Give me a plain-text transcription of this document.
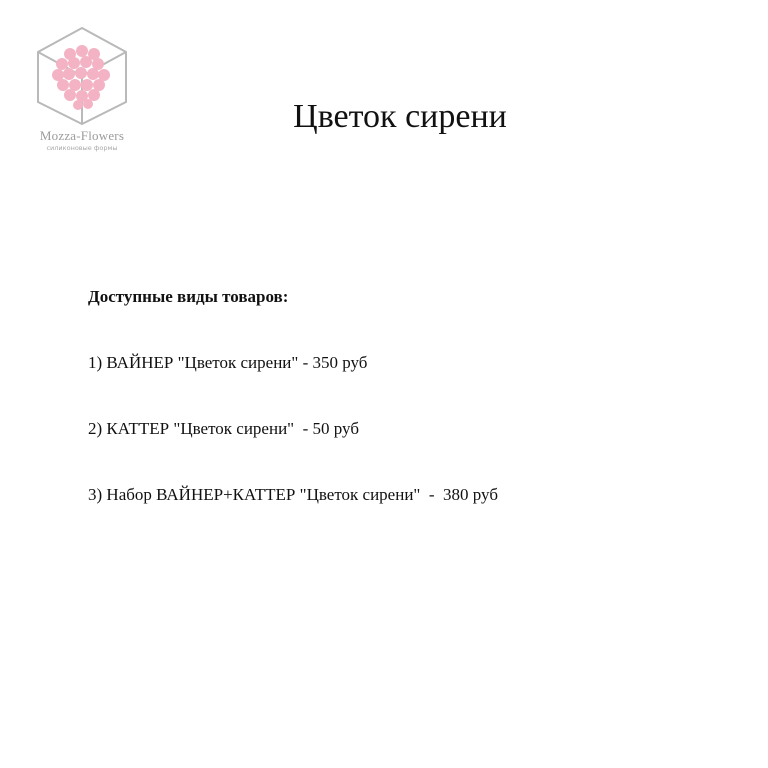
Mozza-Flowers
силиконовые формы
Цветок сирени
Доступные виды товаров:
1) ВАЙНЕР "Цветок сирени" - 350 руб
2) КАТТЕР "Цветок сирени"  - 50 руб
3) Набор ВАЙНЕР+КАТТЕР "Цветок сирени"  -  380 руб
